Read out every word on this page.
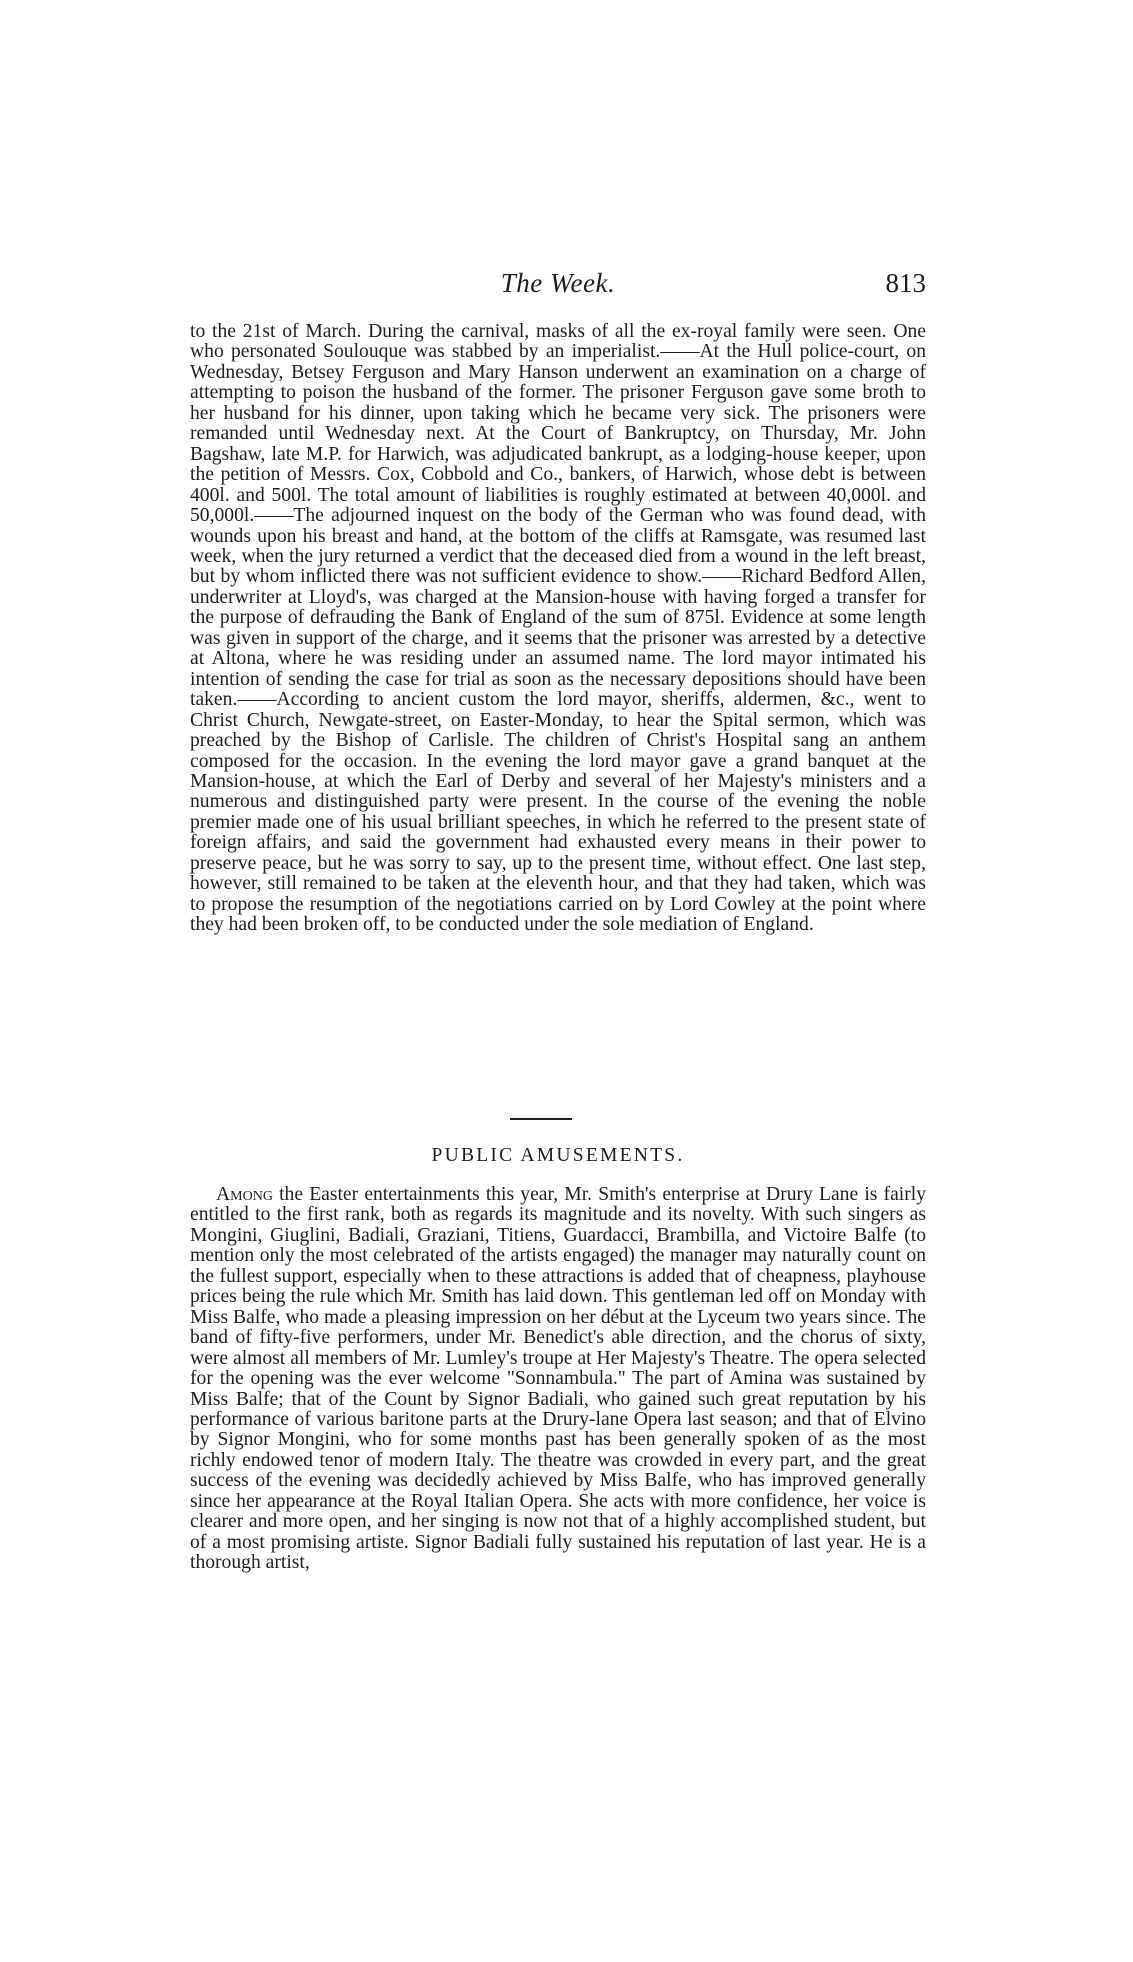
The Week.	813

to the 21st of March. During the carnival, masks of all the ex-royal family were seen. One who personated Soulouque was stabbed by an imperialist.——At the Hull police-court, on Wednesday, Betsey Ferguson and Mary Hanson underwent an examination on a charge of attempting to poison the husband of the former. The prisoner Ferguson gave some broth to her husband for his dinner, upon taking which he became very sick. The prisoners were remanded until Wednesday next. At the Court of Bankruptcy, on Thursday, Mr. John Bagshaw, late M.P. for Harwich, was adjudicated bankrupt, as a lodging-house keeper, upon the petition of Messrs. Cox, Cobbold and Co., bankers, of Harwich, whose debt is between 400l. and 500l. The total amount of liabilities is roughly estimated at between 40,000l. and 50,000l.——The adjourned inquest on the body of the German who was found dead, with wounds upon his breast and hand, at the bottom of the cliffs at Ramsgate, was resumed last week, when the jury returned a verdict that the deceased died from a wound in the left breast, but by whom inflicted there was not sufficient evidence to show.——Richard Bedford Allen, underwriter at Lloyd's, was charged at the Mansion-house with having forged a transfer for the purpose of defrauding the Bank of England of the sum of 875l. Evidence at some length was given in support of the charge, and it seems that the prisoner was arrested by a detective at Altona, where he was residing under an assumed name. The lord mayor intimated his intention of sending the case for trial as soon as the necessary depositions should have been taken.——According to ancient custom the lord mayor, sheriffs, aldermen, &c., went to Christ Church, Newgate-street, on Easter-Monday, to hear the Spital sermon, which was preached by the Bishop of Carlisle. The children of Christ's Hospital sang an anthem composed for the occasion. In the evening the lord mayor gave a grand banquet at the Mansion-house, at which the Earl of Derby and several of her Majesty's ministers and a numerous and distinguished party were present. In the course of the evening the noble premier made one of his usual brilliant speeches, in which he referred to the present state of foreign affairs, and said the government had exhausted every means in their power to preserve peace, but he was sorry to say, up to the present time, without effect. One last step, however, still remained to be taken at the eleventh hour, and that they had taken, which was to propose the resumption of the negotiations carried on by Lord Cowley at the point where they had been broken off, to be conducted under the sole mediation of England.

PUBLIC AMUSEMENTS.

Among the Easter entertainments this year, Mr. Smith's enterprise at Drury Lane is fairly entitled to the first rank, both as regards its magnitude and its novelty. With such singers as Mongini, Giuglini, Badiali, Graziani, Titiens, Guardacci, Brambilla, and Victoire Balfe (to mention only the most celebrated of the artists engaged) the manager may naturally count on the fullest support, especially when to these attractions is added that of cheapness, playhouse prices being the rule which Mr. Smith has laid down. This gentleman led off on Monday with Miss Balfe, who made a pleasing impression on her début at the Lyceum two years since. The band of fifty-five performers, under Mr. Benedict's able direction, and the chorus of sixty, were almost all members of Mr. Lumley's troupe at Her Majesty's Theatre. The opera selected for the opening was the ever welcome "Sonnambula." The part of Amina was sustained by Miss Balfe; that of the Count by Signor Badiali, who gained such great reputation by his performance of various baritone parts at the Drury-lane Opera last season; and that of Elvino by Signor Mongini, who for some months past has been generally spoken of as the most richly endowed tenor of modern Italy. The theatre was crowded in every part, and the great success of the evening was decidedly achieved by Miss Balfe, who has improved generally since her appearance at the Royal Italian Opera. She acts with more confidence, her voice is clearer and more open, and her singing is now not that of a highly accomplished student, but of a most promising artiste. Signor Badiali fully sustained his reputation of last year. He is a thorough artist,
